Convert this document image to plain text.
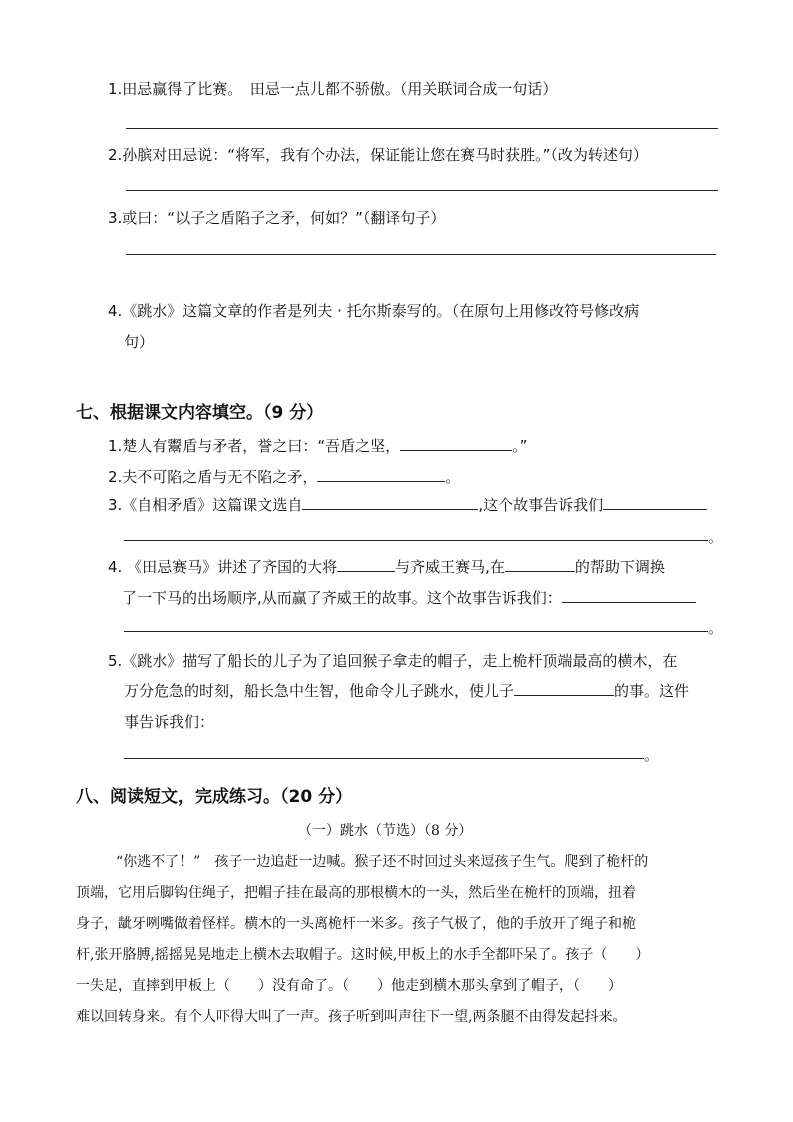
1.田忌赢得了比赛。　田忌一点儿都不骄傲。（用关联词合成一句话）
2.孙膑对田忌说：“将军，我有个办法，保证能让您在赛马时获胜。”（改为转述句）
3.或曰：“以子之盾陷子之矛，何如？”（翻译句子）
4.《跳水》这篇文章的作者是列夫 · 托尔斯泰写的。（在原句上用修改符号修改病
句）
七、根据课文内容填空。（9 分）
1.楚人有鬻盾与矛者，誉之曰：“吾盾之坚，	。”
2.夫不可陷之盾与无不陷之矛，	。
3.《自相矛盾》这篇课文选自	,这个故事告诉我们
。
4. 《田忌赛马》讲述了齐国的大将	与齐威王赛马,在	的帮助下调换
了一下马的出场顺序,从而赢了齐威王的故事。这个故事告诉我们：
。
5.《跳水》描写了船长的儿子为了追回猴子拿走的帽子，走上桅杆顶端最高的横木，在
万分危急的时刻，船长急中生智，他命令儿子跳水，使儿子	的事。这件
事告诉我们：
。
八、阅读短文，完成练习。（20 分）
（一）跳水（节选）（8 分）
“你逃不了！”　孩子一边追赶一边喊。猴子还不时回过头来逗孩子生气。爬到了桅杆的
顶端，它用后脚钩住绳子，把帽子挂在最高的那根横木的一头，然后坐在桅杆的顶端，扭着
身子，龇牙咧嘴做着怪样。横木的一头离桅杆一米多。孩子气极了，他的手放开了绳子和桅
杆,张开胳膊,摇摇晃晃地走上横木去取帽子。这时候,甲板上的水手全都吓呆了。孩子（　　）
一失足，直摔到甲板上（　　）没有命了。（　　）他走到横木那头拿到了帽子，（　　）
难以回转身来。有个人吓得大叫了一声。孩子听到叫声往下一望,两条腿不由得发起抖来。
